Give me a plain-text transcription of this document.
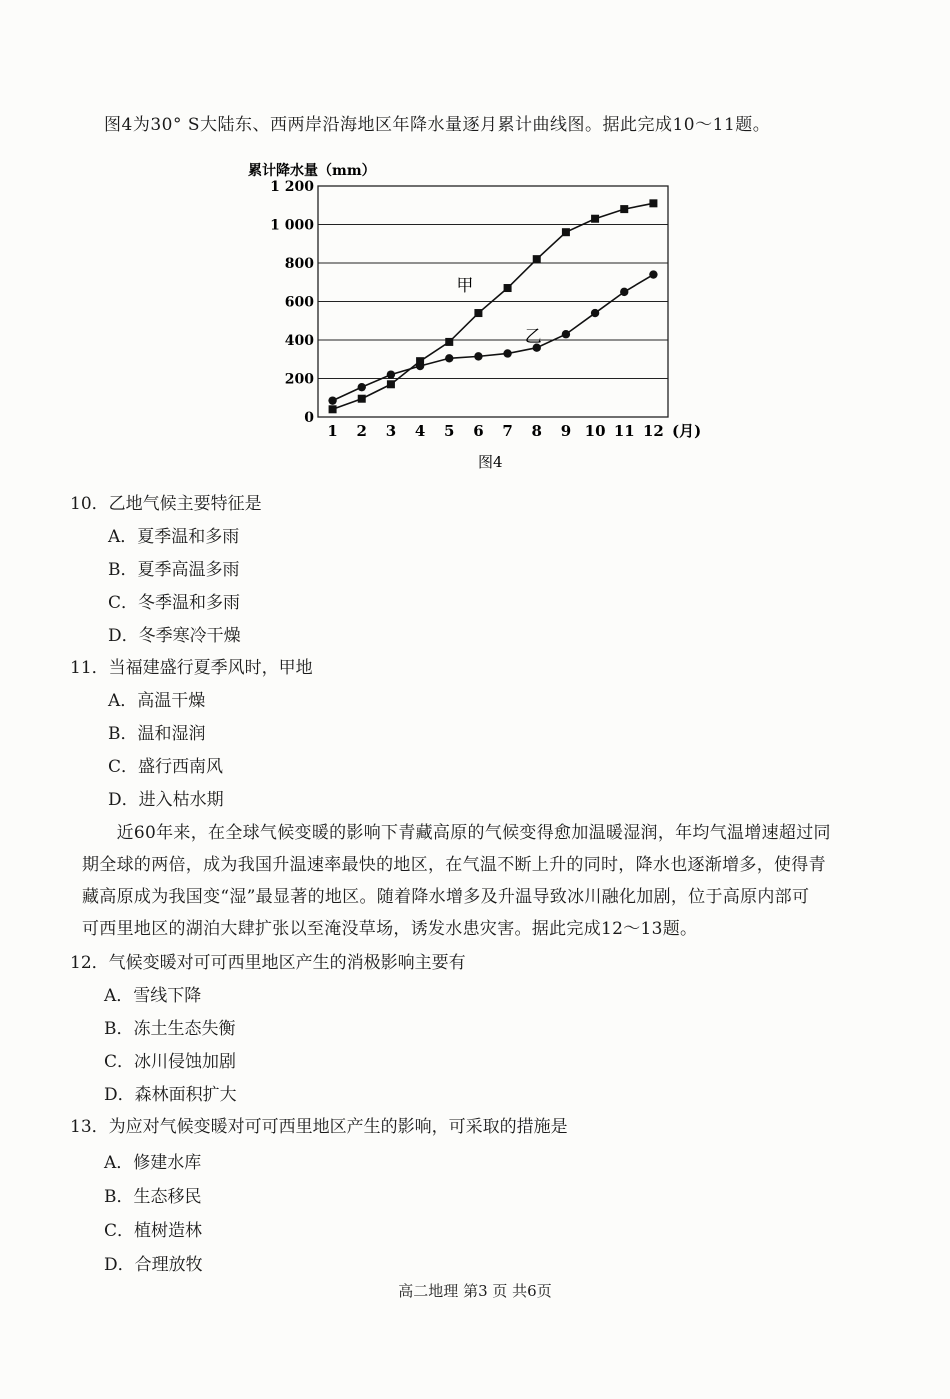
图4为30° S大陆东、西两岸沿海地区年降水量逐月累计曲线图。据此完成10～11题。
累计降水量（mm）
0
200
400
600
800
1 000
1 200
1 2 3 4 5 6 7 8 9 10 11 12
甲
乙
(月)
图4
10．乙地气候主要特征是
A．夏季温和多雨
B．夏季高温多雨
C．冬季温和多雨
D．冬季寒冷干燥
11．当福建盛行夏季风时，甲地
A．高温干燥
B．温和湿润
C．盛行西南风
D．进入枯水期
　　近60年来，在全球气候变暖的影响下青藏高原的气候变得愈加温暖湿润，年均气温增速超过同
期全球的两倍，成为我国升温速率最快的地区，在气温不断上升的同时，降水也逐渐增多，使得青
藏高原成为我国变“湿”最显著的地区。随着降水增多及升温导致冰川融化加剧，位于高原内部可
可西里地区的湖泊大肆扩张以至淹没草场，诱发水患灾害。据此完成12～13题。
12．气候变暖对可可西里地区产生的消极影响主要有
A．雪线下降
B．冻土生态失衡
C．冰川侵蚀加剧
D．森林面积扩大
13．为应对气候变暖对可可西里地区产生的影响，可采取的措施是
A．修建水库
B．生态移民
C．植树造林
D．合理放牧
高二地理 第3 页 共6页
